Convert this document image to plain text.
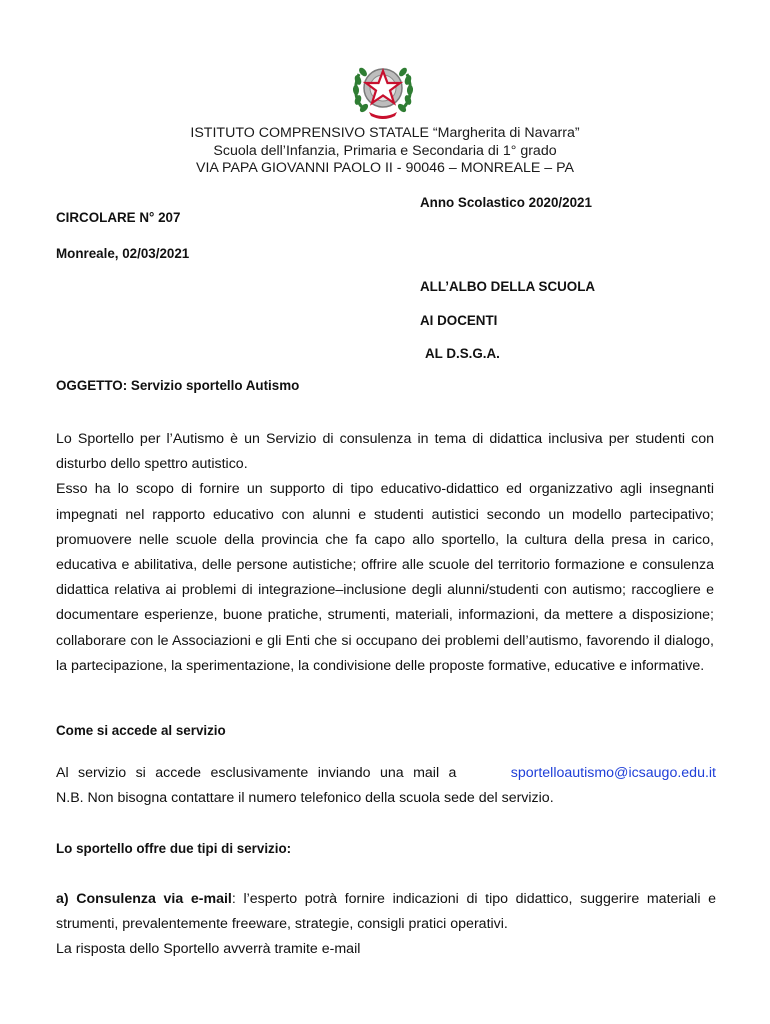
ISTITUTO COMPRENSIVO STATALE “Margherita di Navarra”
Scuola dell’Infanzia, Primaria e Secondaria di 1° grado
VIA PAPA GIOVANNI PAOLO II - 90046 – MONREALE – PA
Anno Scolastico 2020/2021
CIRCOLARE N° 207
Monreale, 02/03/2021
ALL’ALBO DELLA SCUOLA
AI DOCENTI
AL D.S.G.A.
OGGETTO: Servizio sportello Autismo

Lo Sportello per l’Autismo è un Servizio di consulenza in tema di didattica inclusiva per studenti con disturbo dello spettro autistico.

Esso ha lo scopo di fornire un supporto di tipo educativo-didattico ed organizzativo agli insegnanti impegnati nel rapporto educativo con alunni e studenti autistici secondo un modello partecipativo; promuovere nelle scuole della provincia che fa capo allo sportello, la cultura della presa in carico, educativa e abilitativa, delle persone autistiche; offrire alle scuole del territorio formazione e consulenza didattica relativa ai problemi di integrazione–inclusione degli alunni/studenti con autismo; raccogliere e documentare esperienze, buone pratiche, strumenti, materiali, informazioni, da mettere a disposizione; collaborare con le Associazioni e gli Enti che si occupano dei problemi dell’autismo, favorendo il dialogo, la partecipazione, la sperimentazione, la condivisione delle proposte formative, educative e informative.

Come si accede al servizio
Al servizio si accede esclusivamente inviando una mail a	sportelloautismo@icsaugo.edu.it
N.B. Non bisogna contattare il numero telefonico della scuola sede del servizio.
Lo sportello offre due tipi di servizio:

a) Consulenza via e-mail: l’esperto potrà fornire indicazioni di tipo didattico, suggerire materiali e strumenti, prevalentemente freeware, strategie, consigli pratici operativi.

La risposta dello Sportello avverrà tramite e-mail
